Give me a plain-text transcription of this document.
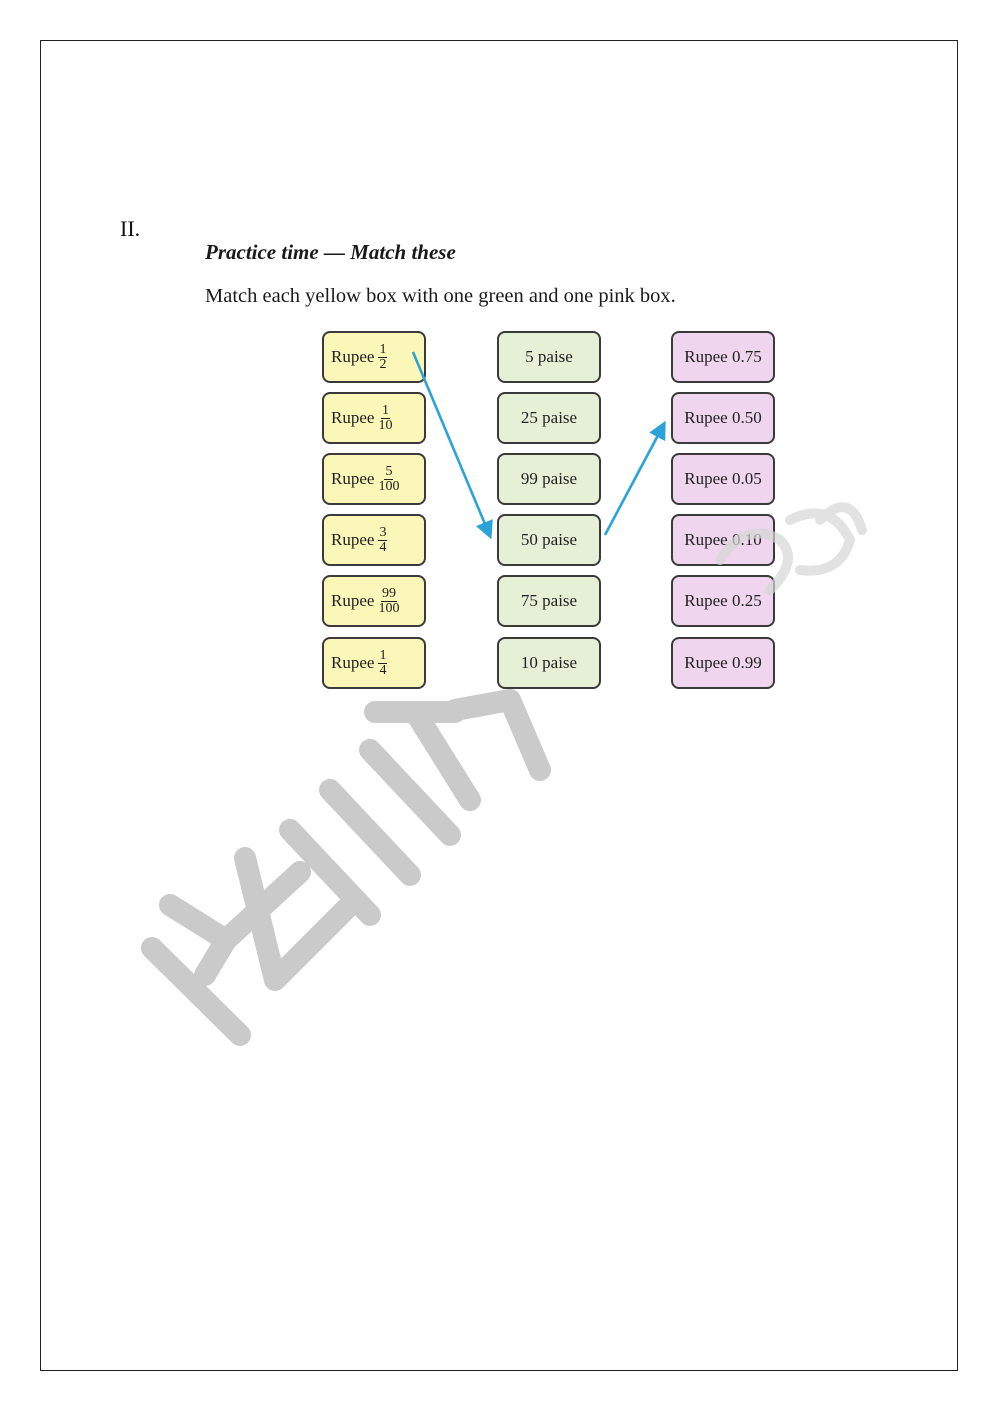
II.
Practice time — Match these
Match each yellow box with one green and one pink box.
Rupee $\frac{1}{2}$
Rupee $\frac{1}{10}$
Rupee $\frac{5}{100}$
Rupee $\frac{3}{4}$
Rupee $\frac{99}{100}$
Rupee $\frac{1}{4}$
5 paise
25 paise
99 paise
50 paise
75 paise
10 paise
Rupee 0.75
Rupee 0.50
Rupee 0.05
Rupee 0.10
Rupee 0.25
Rupee 0.99
